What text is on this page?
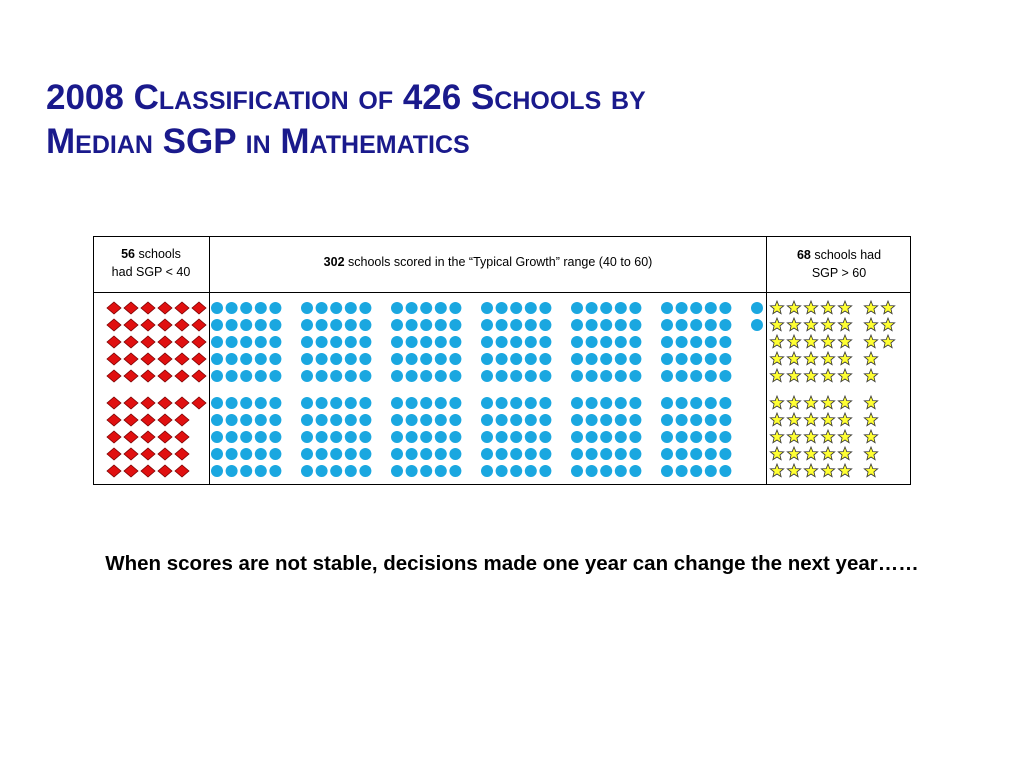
2008 Classification of 426 Schools by
Median SGP in Mathematics
56 schools
had SGP < 40
302 schools scored in the “Typical Growth” range (40 to 60)	68 schools had
SGP > 60
When scores are not stable, decisions made one year can change the next year……
